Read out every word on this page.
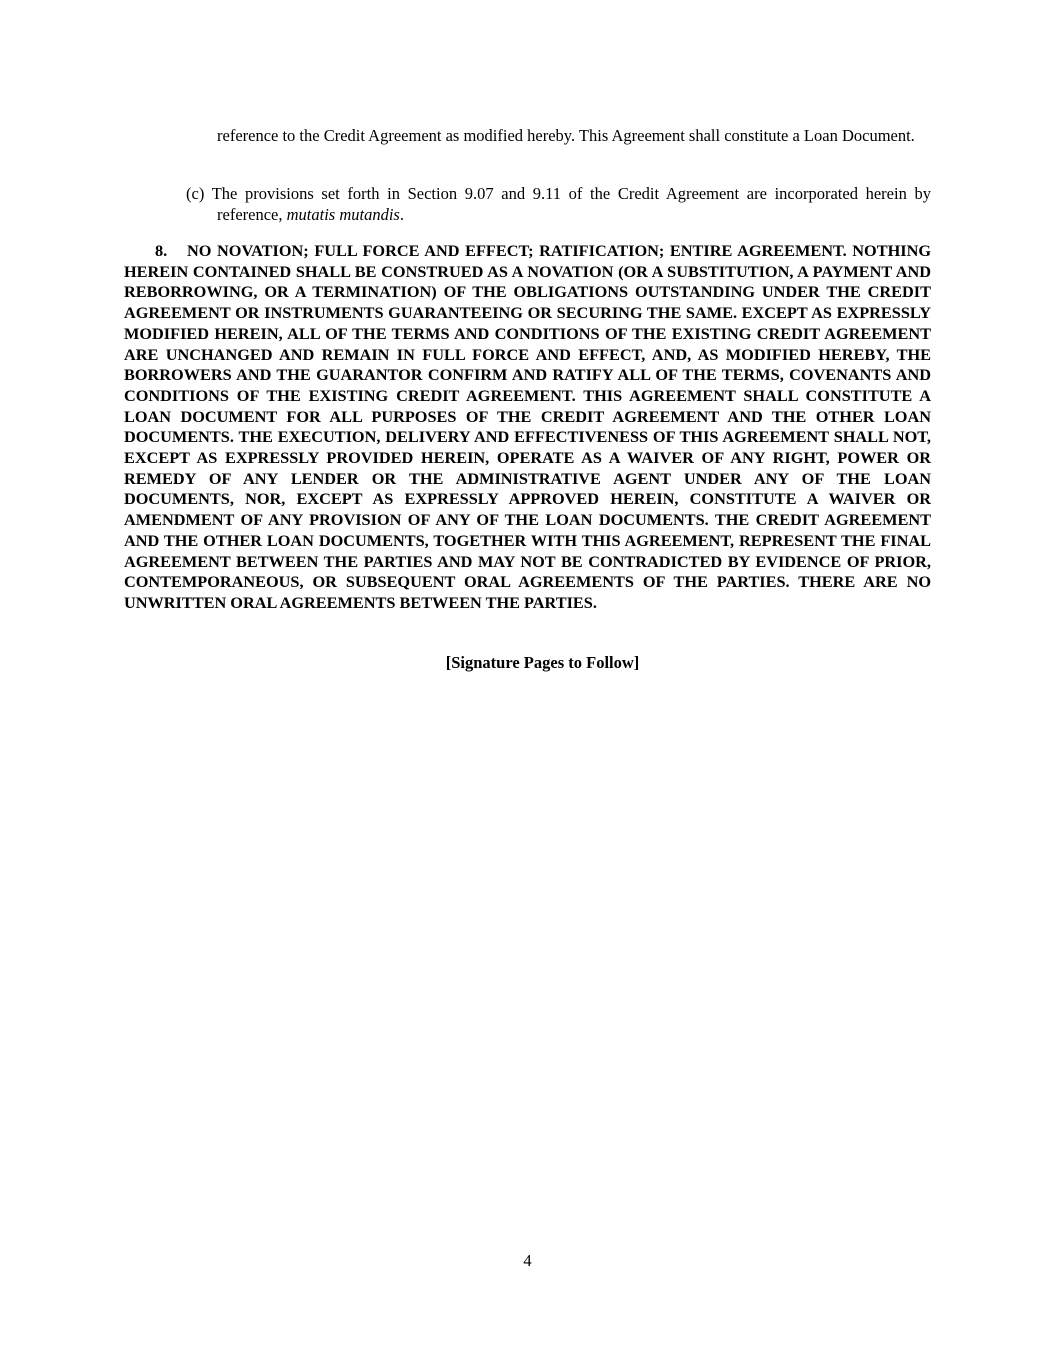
reference to the Credit Agreement as modified hereby. This Agreement shall constitute a Loan Document.

(c) The provisions set forth in Section 9.07 and 9.11 of the Credit Agreement are incorporated herein by reference, mutatis mutandis.

8. NO NOVATION; FULL FORCE AND EFFECT; RATIFICATION; ENTIRE AGREEMENT. NOTHING HEREIN CONTAINED SHALL BE CONSTRUED AS A NOVATION (OR A SUBSTITUTION, A PAYMENT AND REBORROWING, OR A TERMINATION) OF THE OBLIGATIONS OUTSTANDING UNDER THE CREDIT AGREEMENT OR INSTRUMENTS GUARANTEEING OR SECURING THE SAME. EXCEPT AS EXPRESSLY MODIFIED HEREIN, ALL OF THE TERMS AND CONDITIONS OF THE EXISTING CREDIT AGREEMENT ARE UNCHANGED AND REMAIN IN FULL FORCE AND EFFECT, AND, AS MODIFIED HEREBY, THE BORROWERS AND THE GUARANTOR CONFIRM AND RATIFY ALL OF THE TERMS, COVENANTS AND CONDITIONS OF THE EXISTING CREDIT AGREEMENT. THIS AGREEMENT SHALL CONSTITUTE A LOAN DOCUMENT FOR ALL PURPOSES OF THE CREDIT AGREEMENT AND THE OTHER LOAN DOCUMENTS. THE EXECUTION, DELIVERY AND EFFECTIVENESS OF THIS AGREEMENT SHALL NOT, EXCEPT AS EXPRESSLY PROVIDED HEREIN, OPERATE AS A WAIVER OF ANY RIGHT, POWER OR REMEDY OF ANY LENDER OR THE ADMINISTRATIVE AGENT UNDER ANY OF THE LOAN DOCUMENTS, NOR, EXCEPT AS EXPRESSLY APPROVED HEREIN, CONSTITUTE A WAIVER OR AMENDMENT OF ANY PROVISION OF ANY OF THE LOAN DOCUMENTS. THE CREDIT AGREEMENT AND THE OTHER LOAN DOCUMENTS, TOGETHER WITH THIS AGREEMENT, REPRESENT THE FINAL AGREEMENT BETWEEN THE PARTIES AND MAY NOT BE CONTRADICTED BY EVIDENCE OF PRIOR, CONTEMPORANEOUS, OR SUBSEQUENT ORAL AGREEMENTS OF THE PARTIES. THERE ARE NO UNWRITTEN ORAL AGREEMENTS BETWEEN THE PARTIES.

[Signature Pages to Follow]

4
